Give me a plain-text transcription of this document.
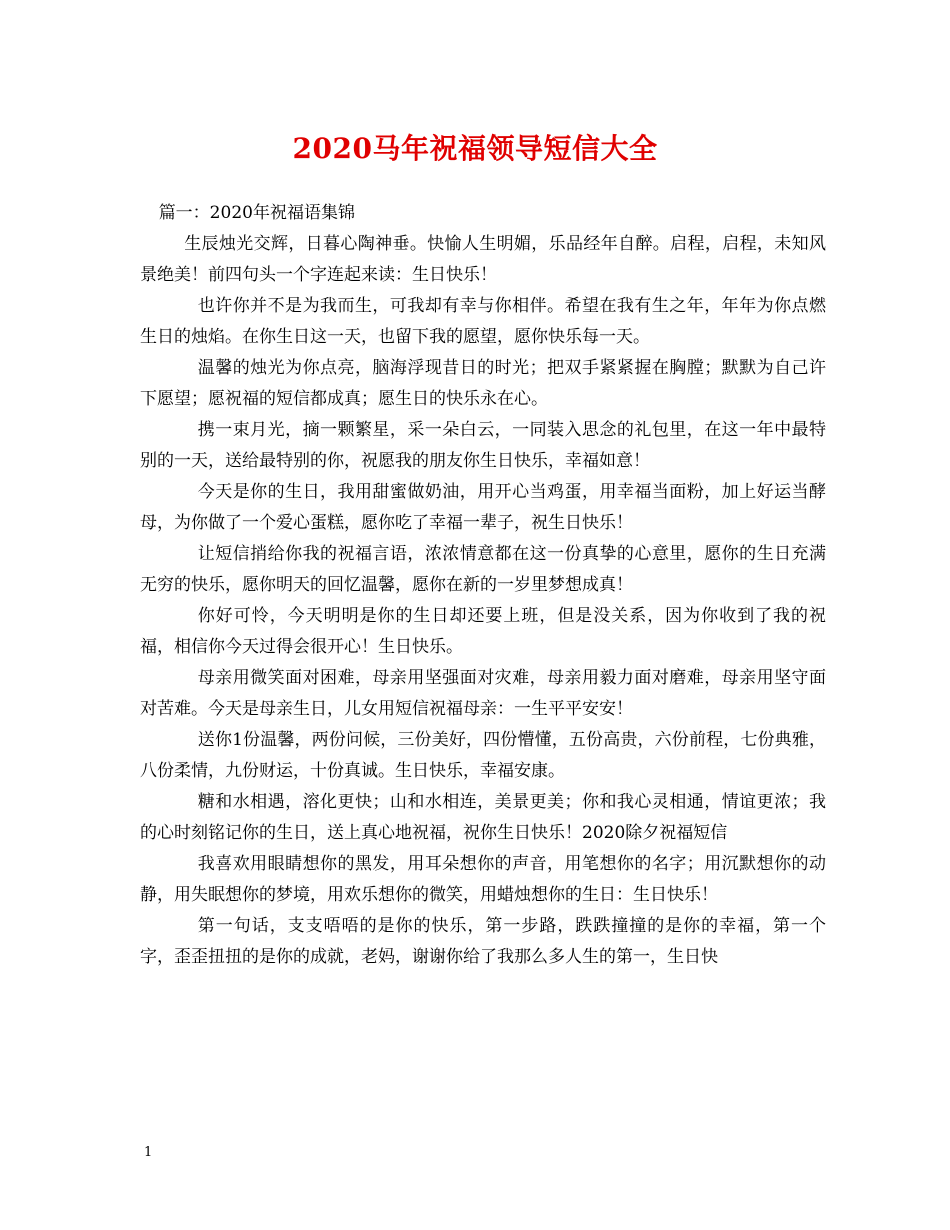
2020马年祝福领导短信大全

篇一：2020年祝福语集锦

生辰烛光交辉，日暮心陶神垂。快愉人生明媚，乐品经年自醉。启程，启程，未知风景绝美！前四句头一个字连起来读：生日快乐！

也许你并不是为我而生，可我却有幸与你相伴。希望在我有生之年，年年为你点燃生日的烛焰。在你生日这一天，也留下我的愿望，愿你快乐每一天。

温馨的烛光为你点亮，脑海浮现昔日的时光；把双手紧紧握在胸膛；默默为自己许下愿望；愿祝福的短信都成真；愿生日的快乐永在心。

携一束月光，摘一颗繁星，采一朵白云，一同装入思念的礼包里，在这一年中最特别的一天，送给最特别的你，祝愿我的朋友你生日快乐，幸福如意！

今天是你的生日，我用甜蜜做奶油，用开心当鸡蛋，用幸福当面粉，加上好运当酵母，为你做了一个爱心蛋糕，愿你吃了幸福一辈子，祝生日快乐！

让短信捎给你我的祝福言语，浓浓情意都在这一份真挚的心意里，愿你的生日充满无穷的快乐，愿你明天的回忆温馨，愿你在新的一岁里梦想成真！

你好可怜，今天明明是你的生日却还要上班，但是没关系，因为你收到了我的祝福，相信你今天过得会很开心！生日快乐。

母亲用微笑面对困难，母亲用坚强面对灾难，母亲用毅力面对磨难，母亲用坚守面对苦难。今天是母亲生日，儿女用短信祝福母亲：一生平平安安！

送你1份温馨，两份问候，三份美好，四份懵懂，五份高贵，六份前程，七份典雅，八份柔情，九份财运，十份真诚。生日快乐，幸福安康。

糖和水相遇，溶化更快；山和水相连，美景更美；你和我心灵相通，情谊更浓；我的心时刻铭记你的生日，送上真心地祝福，祝你生日快乐！2020除夕祝福短信

我喜欢用眼睛想你的黑发，用耳朵想你的声音，用笔想你的名字；用沉默想你的动静，用失眠想你的梦境，用欢乐想你的微笑，用蜡烛想你的生日：生日快乐！

第一句话，支支唔唔的是你的快乐，第一步路，跌跌撞撞的是你的幸福，第一个字，歪歪扭扭的是你的成就，老妈，谢谢你给了我那么多人生的第一，生日快

1
